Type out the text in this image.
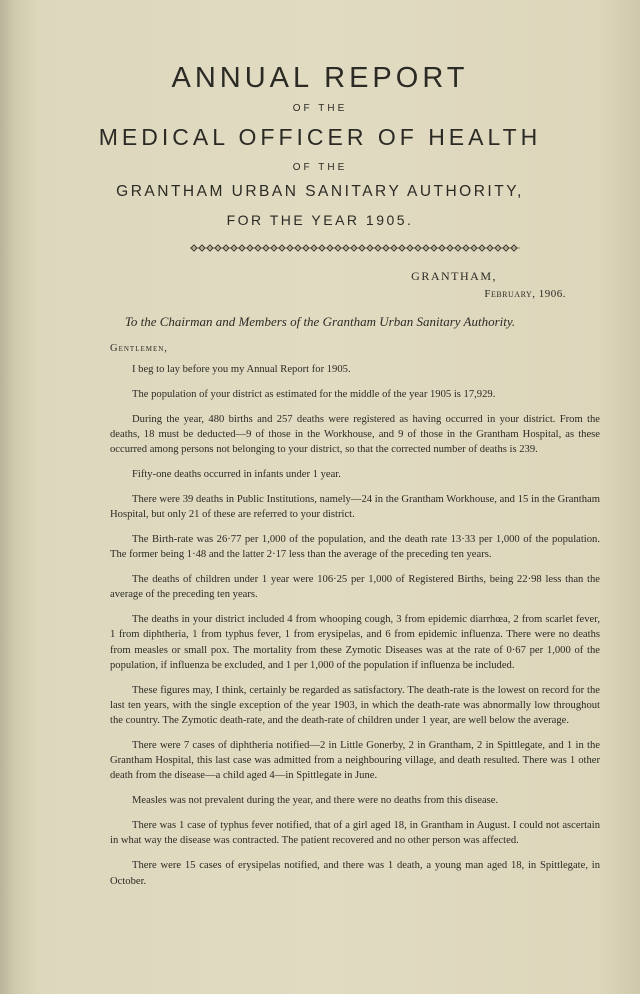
ANNUAL REPORT
OF THE
MEDICAL OFFICER OF HEALTH
OF THE
GRANTHAM URBAN SANITARY AUTHORITY,
FOR THE YEAR 1905.
GRANTHAM,
February, 1906.
To the Chairman and Members of the Grantham Urban Sanitary Authority.
Gentlemen,

I beg to lay before you my Annual Report for 1905.

The population of your district as estimated for the middle of the year 1905 is 17,929.

During the year, 480 births and 257 deaths were registered as having occurred in your district. From the deaths, 18 must be deducted—9 of those in the Workhouse, and 9 of those in the Grantham Hospital, as these occurred among persons not belonging to your district, so that the corrected number of deaths is 239.

Fifty-one deaths occurred in infants under 1 year.

There were 39 deaths in Public Institutions, namely—24 in the Grantham Workhouse, and 15 in the Grantham Hospital, but only 21 of these are referred to your district.

The Birth-rate was 26·77 per 1,000 of the population, and the death rate 13·33 per 1,000 of the population. The former being 1·48 and the latter 2·17 less than the average of the preceding ten years.

The deaths of children under 1 year were 106·25 per 1,000 of Registered Births, being 22·98 less than the average of the preceding ten years.

The deaths in your district included 4 from whooping cough, 3 from epidemic diarrhœa, 2 from scarlet fever, 1 from diphtheria, 1 from typhus fever, 1 from erysipelas, and 6 from epidemic influenza. There were no deaths from measles or small pox. The mortality from these Zymotic Diseases was at the rate of 0·67 per 1,000 of the population, if influenza be excluded, and 1 per 1,000 of the population if influenza be included.

These figures may, I think, certainly be regarded as satisfactory. The death-rate is the lowest on record for the last ten years, with the single exception of the year 1903, in which the death-rate was abnormally low throughout the country. The Zymotic death-rate, and the death-rate of children under 1 year, are well below the average.

There were 7 cases of diphtheria notified—2 in Little Gonerby, 2 in Grantham, 2 in Spittlegate, and 1 in the Grantham Hospital, this last case was admitted from a neighbouring village, and death resulted. There was 1 other death from the disease—a child aged 4—in Spittlegate in June.

Measles was not prevalent during the year, and there were no deaths from this disease.

There was 1 case of typhus fever notified, that of a girl aged 18, in Grantham in August. I could not ascertain in what way the disease was contracted. The patient recovered and no other person was affected.

There were 15 cases of erysipelas notified, and there was 1 death, a young man aged 18, in Spittlegate, in October.
